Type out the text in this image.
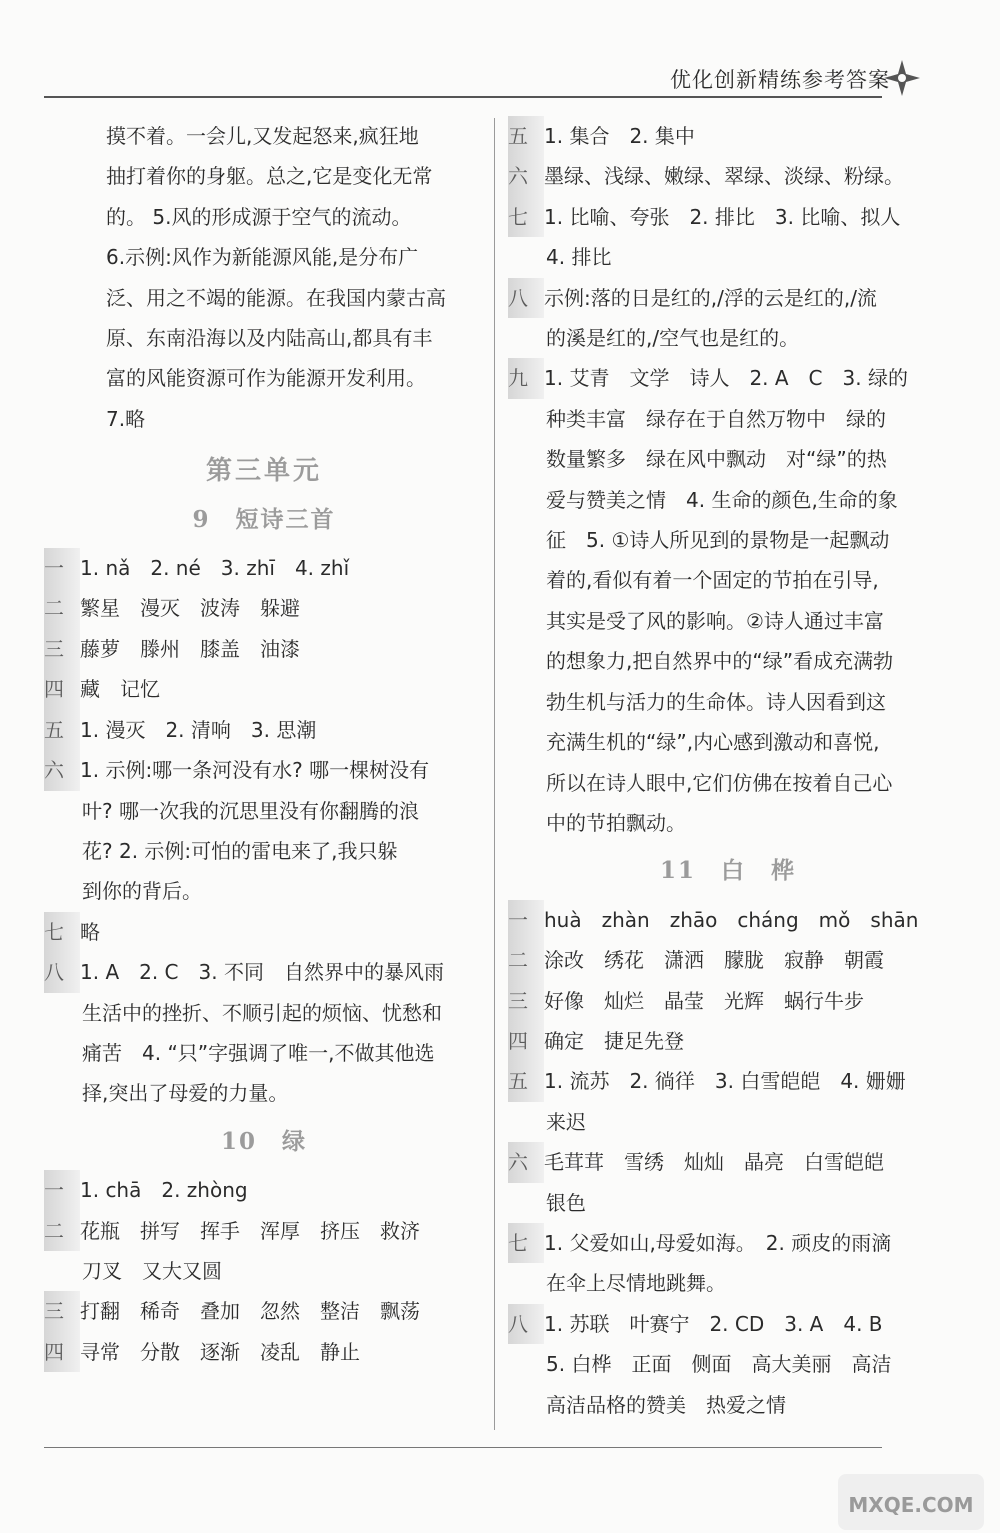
优化创新精练参考答案
摸不着。一会儿,又发起怒来,疯狂地
抽打着你的身躯。总之,它是变化无常
的。 5.风的形成源于空气的流动。
6.示例:风作为新能源风能,是分布广
泛、用之不竭的能源。在我国内蒙古高
原、东南沿海以及内陆高山,都具有丰
富的风能资源可作为能源开发利用。
7.略
第三单元
9　短诗三首
一 1. nǎ　2. né　3. zhī　4. zhǐ
二 繁星　漫灭　波涛　躲避
三 藤萝　滕州　膝盖　油漆
四 藏　记忆
五 1. 漫灭　2. 清响　3. 思潮
六 1. 示例:哪一条河没有水? 哪一棵树没有
叶? 哪一次我的沉思里没有你翻腾的浪
花? 2. 示例:可怕的雷电来了,我只躲
到你的背后。
七 略
八 1. A　2. C　3. 不同　自然界中的暴风雨
生活中的挫折、不顺引起的烦恼、忧愁和
痛苦　4. “只”字强调了唯一,不做其他选
择,突出了母爱的力量。
10　绿
一 1. chā　2. zhòng
二 花瓶　拼写　挥手　浑厚　挤压　救济
刀叉　又大又圆
三 打翻　稀奇　叠加　忽然　整洁　飘荡
四 寻常　分散　逐渐　凌乱　静止
五 1. 集合　2. 集中
六 墨绿、浅绿、嫩绿、翠绿、淡绿、粉绿。
七 1. 比喻、夸张　2. 排比　3. 比喻、拟人
4. 排比
八 示例:落的日是红的,/浮的云是红的,/流
的溪是红的,/空气也是红的。
九 1. 艾青　文学　诗人　2. A　C　3. 绿的
种类丰富　绿存在于自然万物中　绿的
数量繁多　绿在风中飘动　对“绿”的热
爱与赞美之情　4. 生命的颜色,生命的象
征　5. ①诗人所见到的景物是一起飘动
着的,看似有着一个固定的节拍在引导,
其实是受了风的影响。②诗人通过丰富
的想象力,把自然界中的“绿”看成充满勃
勃生机与活力的生命体。诗人因看到这
充满生机的“绿”,内心感到激动和喜悦,
所以在诗人眼中,它们仿佛在按着自己心
中的节拍飘动。
11　白　桦
一 huà　zhàn　zhāo　cháng　mǒ　shān
二 涂改　绣花　潇洒　朦胧　寂静　朝霞
三 好像　灿烂　晶莹　光辉　蜗行牛步
四 确定　捷足先登
五 1. 流苏　2. 徜徉　3. 白雪皑皑　4. 姗姗
来迟
六 毛茸茸　雪绣　灿灿　晶亮　白雪皑皑
银色
七 1. 父爱如山,母爱如海。　2. 顽皮的雨滴
在伞上尽情地跳舞。
八 1. 苏联　叶赛宁　2. CD　3. A　4. B
5. 白桦　正面　侧面　高大美丽　高洁
高洁品格的赞美　热爱之情
MXQE.COM
